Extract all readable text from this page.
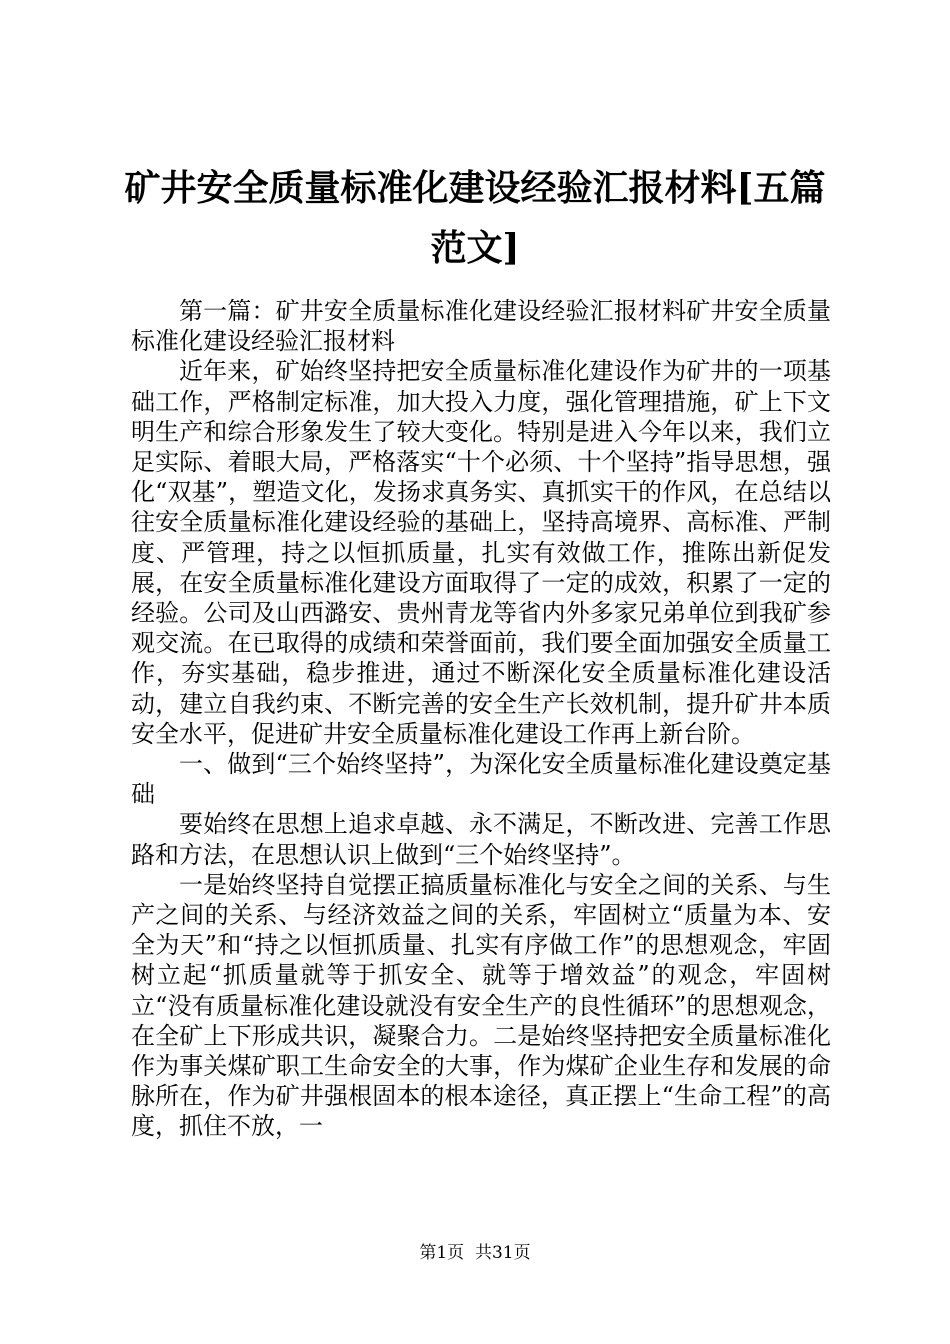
矿井安全质量标准化建设经验汇报材料[五篇范文]

第一篇：矿井安全质量标准化建设经验汇报材料矿井安全质量标准化建设经验汇报材料

近年来，矿始终坚持把安全质量标准化建设作为矿井的一项基础工作，严格制定标准，加大投入力度，强化管理措施，矿上下文明生产和综合形象发生了较大变化。特别是进入今年以来，我们立足实际、着眼大局，严格落实“十个必须、十个坚持”指导思想，强化“双基”，塑造文化，发扬求真务实、真抓实干的作风，在总结以往安全质量标准化建设经验的基础上，坚持高境界、高标准、严制度、严管理，持之以恒抓质量，扎实有效做工作，推陈出新促发展，在安全质量标准化建设方面取得了一定的成效，积累了一定的经验。公司及山西潞安、贵州青龙等省内外多家兄弟单位到我矿参观交流。在已取得的成绩和荣誉面前，我们要全面加强安全质量工作，夯实基础，稳步推进，通过不断深化安全质量标准化建设活动，建立自我约束、不断完善的安全生产长效机制，提升矿井本质安全水平，促进矿井安全质量标准化建设工作再上新台阶。

一、做到“三个始终坚持”，为深化安全质量标准化建设奠定基础

要始终在思想上追求卓越、永不满足，不断改进、完善工作思路和方法，在思想认识上做到“三个始终坚持”。

一是始终坚持自觉摆正搞质量标准化与安全之间的关系、与生产之间的关系、与经济效益之间的关系，牢固树立“质量为本、安全为天”和“持之以恒抓质量、扎实有序做工作”的思想观念，牢固树立起“抓质量就等于抓安全、就等于增效益”的观念，牢固树立“没有质量标准化建设就没有安全生产的良性循环”的思想观念，在全矿上下形成共识，凝聚合力。二是始终坚持把安全质量标准化作为事关煤矿职工生命安全的大事，作为煤矿企业生存和发展的命脉所在，作为矿井强根固本的根本途径，真正摆上“生命工程”的高度，抓住不放，一

第1页  共31页
